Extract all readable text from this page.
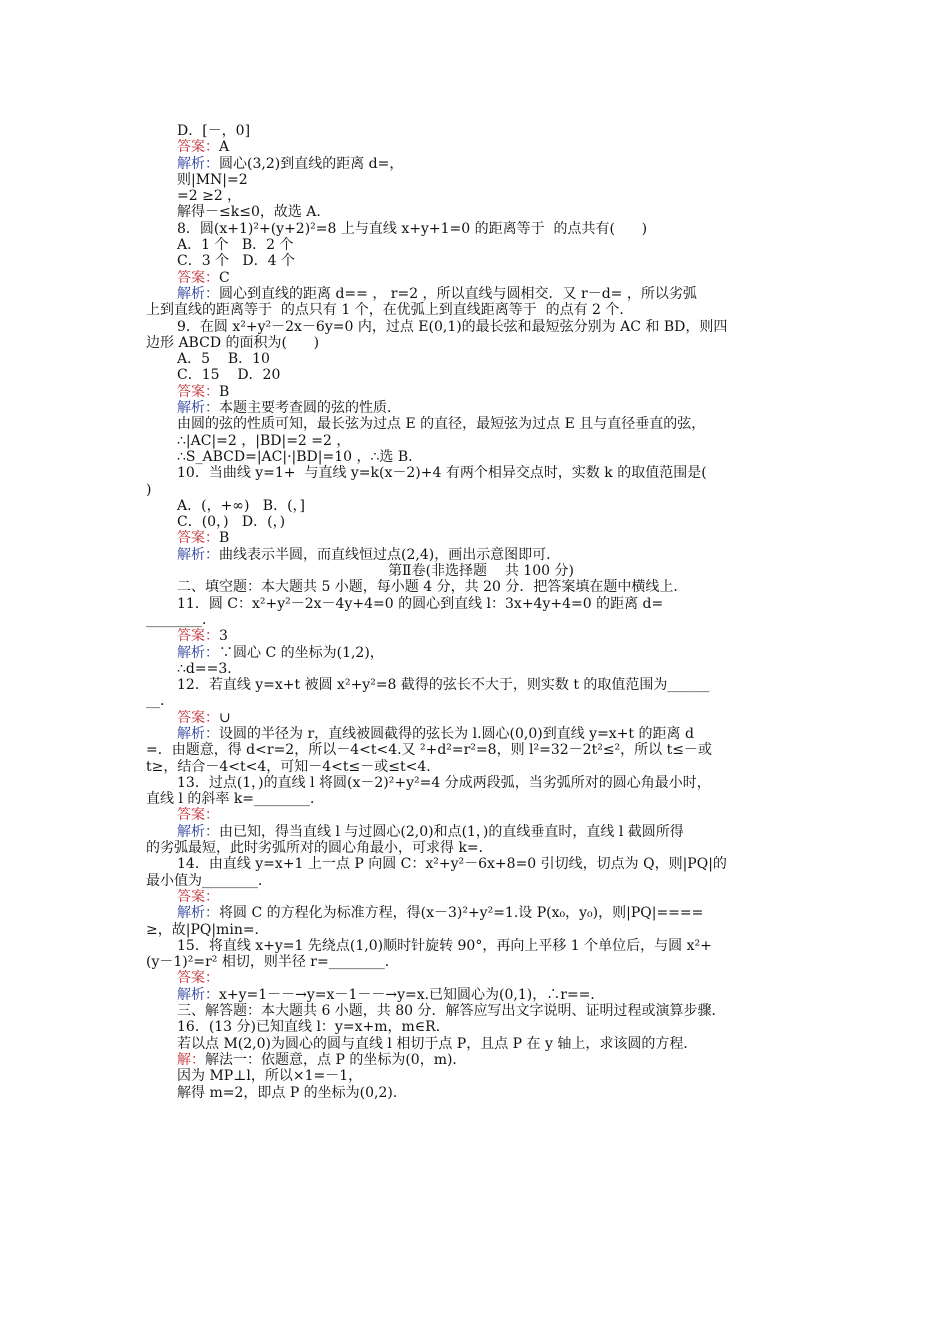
D．[－，0]
答案：A
解析：圆心(3,2)到直线的距离 d=，
则|MN|=2
=2 ≥2 ，
解得－≤k≤0，故选 A.
8．圆(x+1)²+(y+2)²=8 上与直线 x+y+1=0 的距离等于  的点共有(      )
A．1 个   B．2 个
C．3 个   D．4 个
答案：C
解析：圆心到直线的距离 d== ， r=2 ，所以直线与圆相交．又 r－d= ，所以劣弧
上到直线的距离等于  的点只有 1 个，在优弧上到直线距离等于  的点有 2 个．
9．在圆 x²+y²－2x－6y=0 内，过点 E(0,1)的最长弦和最短弦分别为 AC 和 BD，则四
边形 ABCD 的面积为(      )
A．5    B．10
C．15    D．20
答案：B
解析：本题主要考查圆的弦的性质．
由圆的弦的性质可知，最长弦为过点 E 的直径，最短弦为过点 E 且与直径垂直的弦，
∴|AC|=2 ，|BD|=2 =2 ，
∴S_ABCD=|AC|·|BD|=10 ，∴选 B.
10．当曲线 y=1+  与直线 y=k(x－2)+4 有两个相异交点时，实数 k 的取值范围是(
)
A．(，+∞)   B．(，]
C．(0，)   D．(，)
答案：B
解析：曲线表示半圆，而直线恒过点(2,4)，画出示意图即可．
第Ⅱ卷(非选择题    共 100 分)
二、填空题：本大题共 5 小题，每小题 4 分，共 20 分．把答案填在题中横线上．
11．圆 C：x²+y²－2x－4y+4=0 的圆心到直线 l：3x+4y+4=0 的距离 d=
________．
答案：3
解析：∵圆心 C 的坐标为(1,2)，
∴d==3.
12．若直线 y=x+t 被圆 x²+y²=8 截得的弦长不大于，则实数 t 的取值范围为______
__．
答案：∪
解析：设圆的半径为 r，直线被圆截得的弦长为 l.圆心(0,0)到直线 y=x+t 的距离 d
=．由题意，得 d<r=2，所以－4<t<4.又 ²+d²=r²=8，则 l²=32－2t²≤²，所以 t≤－或
t≥，结合－4<t<4，可知－4<t≤－或≤t<4.
13．过点(1，)的直线 l 将圆(x－2)²+y²=4 分成两段弧，当劣弧所对的圆心角最小时，
直线 l 的斜率 k=________．
答案：
解析：由已知，得当直线 l 与过圆心(2,0)和点(1，)的直线垂直时，直线 l 截圆所得
的劣弧最短，此时劣弧所对的圆心角最小，可求得 k=．
14．由直线 y=x+1 上一点 P 向圆 C：x²+y²－6x+8=0 引切线，切点为 Q，则|PQ|的
最小值为________．
答案：
解析：将圆 C 的方程化为标准方程，得(x－3)²+y²=1.设 P(x₀，y₀)，则|PQ|====
≥，故|PQ|min=．
15．将直线 x+y=1 先绕点(1,0)顺时针旋转 90°，再向上平移 1 个单位后，与圆 x²+
(y－1)²=r² 相切，则半径 r=________．
答案：
解析：x+y=1－－→y=x－1－－→y=x.已知圆心为(0,1)，∴r==．
三、解答题：本大题共 6 小题，共 80 分．解答应写出文字说明、证明过程或演算步骤．
16．(13 分)已知直线 l：y=x+m，m∈R.
若以点 M(2,0)为圆心的圆与直线 l 相切于点 P，且点 P 在 y 轴上，求该圆的方程．
解：解法一：依题意，点 P 的坐标为(0，m)．
因为 MP⊥l，所以×1=－1，
解得 m=2，即点 P 的坐标为(0,2)．
